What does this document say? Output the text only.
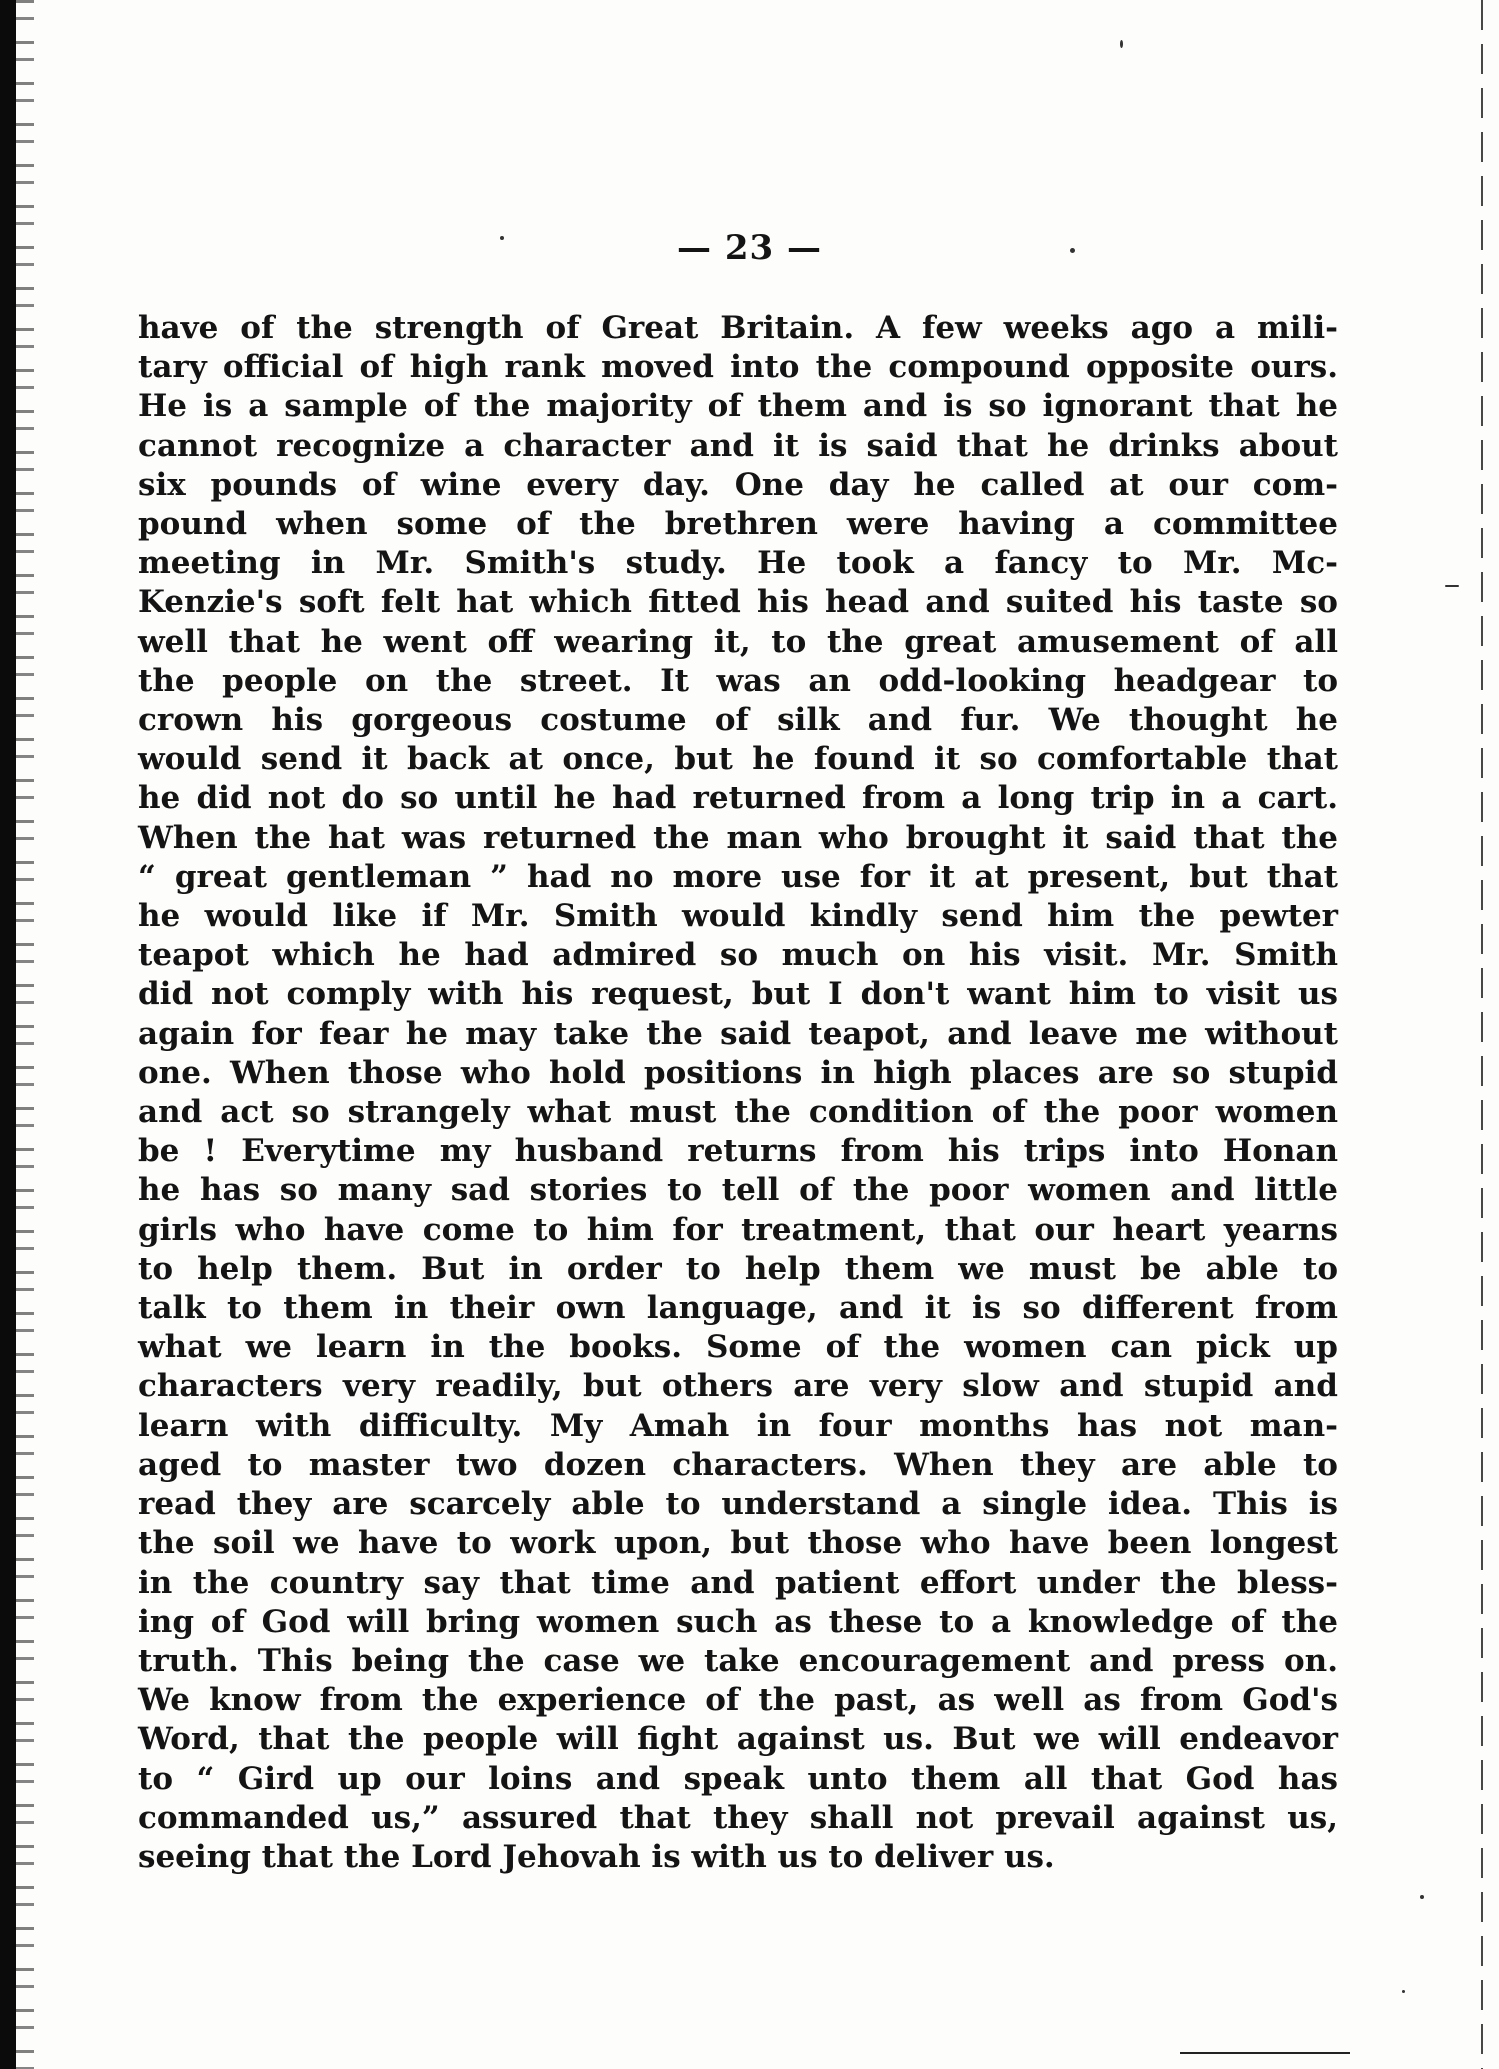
— 23 —
have of the strength of Great Britain. A few weeks ago a mili-
tary official of high rank moved into the compound opposite ours.
He is a sample of the majority of them and is so ignorant that he
cannot recognize a character and it is said that he drinks about
six pounds of wine every day. One day he called at our com-
pound when some of the brethren were having a committee
meeting in Mr. Smith's study. He took a fancy to Mr. Mc-
Kenzie's soft felt hat which fitted his head and suited his taste so
well that he went off wearing it, to the great amusement of all
the people on the street. It was an odd-looking headgear to
crown his gorgeous costume of silk and fur. We thought he
would send it back at once, but he found it so comfortable that
he did not do so until he had returned from a long trip in a cart.
When the hat was returned the man who brought it said that the
“ great gentleman ” had no more use for it at present, but that
he would like if Mr. Smith would kindly send him the pewter
teapot which he had admired so much on his visit. Mr. Smith
did not comply with his request, but I don't want him to visit us
again for fear he may take the said teapot, and leave me without
one. When those who hold positions in high places are so stupid
and act so strangely what must the condition of the poor women
be ! Everytime my husband returns from his trips into Honan
he has so many sad stories to tell of the poor women and little
girls who have come to him for treatment, that our heart yearns
to help them. But in order to help them we must be able to
talk to them in their own language, and it is so different from
what we learn in the books. Some of the women can pick up
characters very readily, but others are very slow and stupid and
learn with difficulty. My Amah in four months has not man-
aged to master two dozen characters. When they are able to
read they are scarcely able to understand a single idea. This is
the soil we have to work upon, but those who have been longest
in the country say that time and patient effort under the bless-
ing of God will bring women such as these to a knowledge of the
truth. This being the case we take encouragement and press on.
We know from the experience of the past, as well as from God's
Word, that the people will fight against us. But we will endeavor
to “ Gird up our loins and speak unto them all that God has
commanded us,” assured that they shall not prevail against us,
seeing that the Lord Jehovah is with us to deliver us.
